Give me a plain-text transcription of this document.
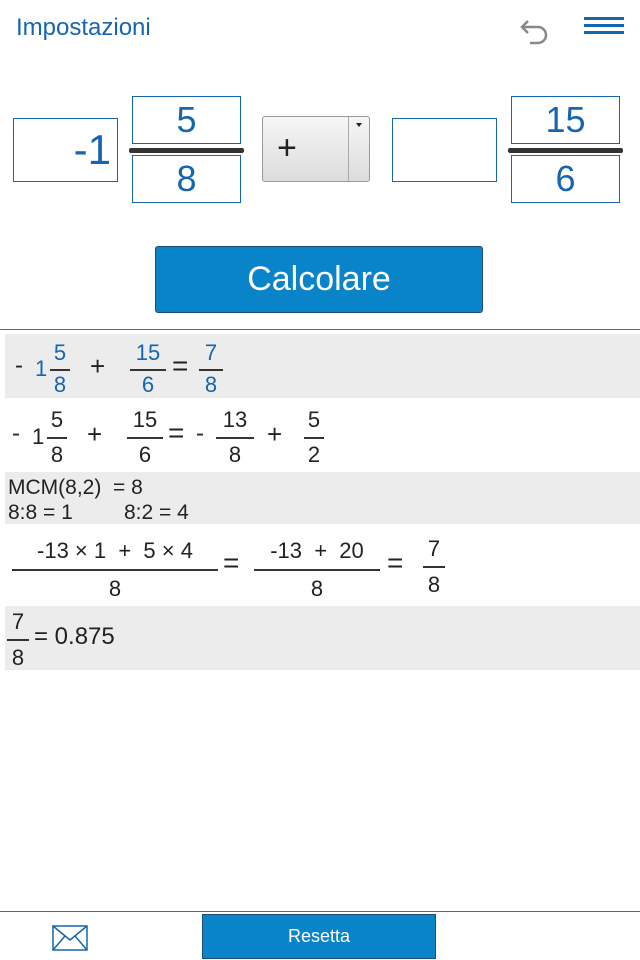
Impostazioni
-1
5
8
+
15
6
Calcolare
- 1
5
8
+ 15
6
= 7
8
- 1
5
8
+ 15
6
= -
13
8
+ 5
2
MCM(8,2)  = 8
8:8 = 1 8:2 = 4
-13 × 1  +  5 × 4
8
=	-13  +  20
8
= 7
8
7
8
= 0.875
Resetta
